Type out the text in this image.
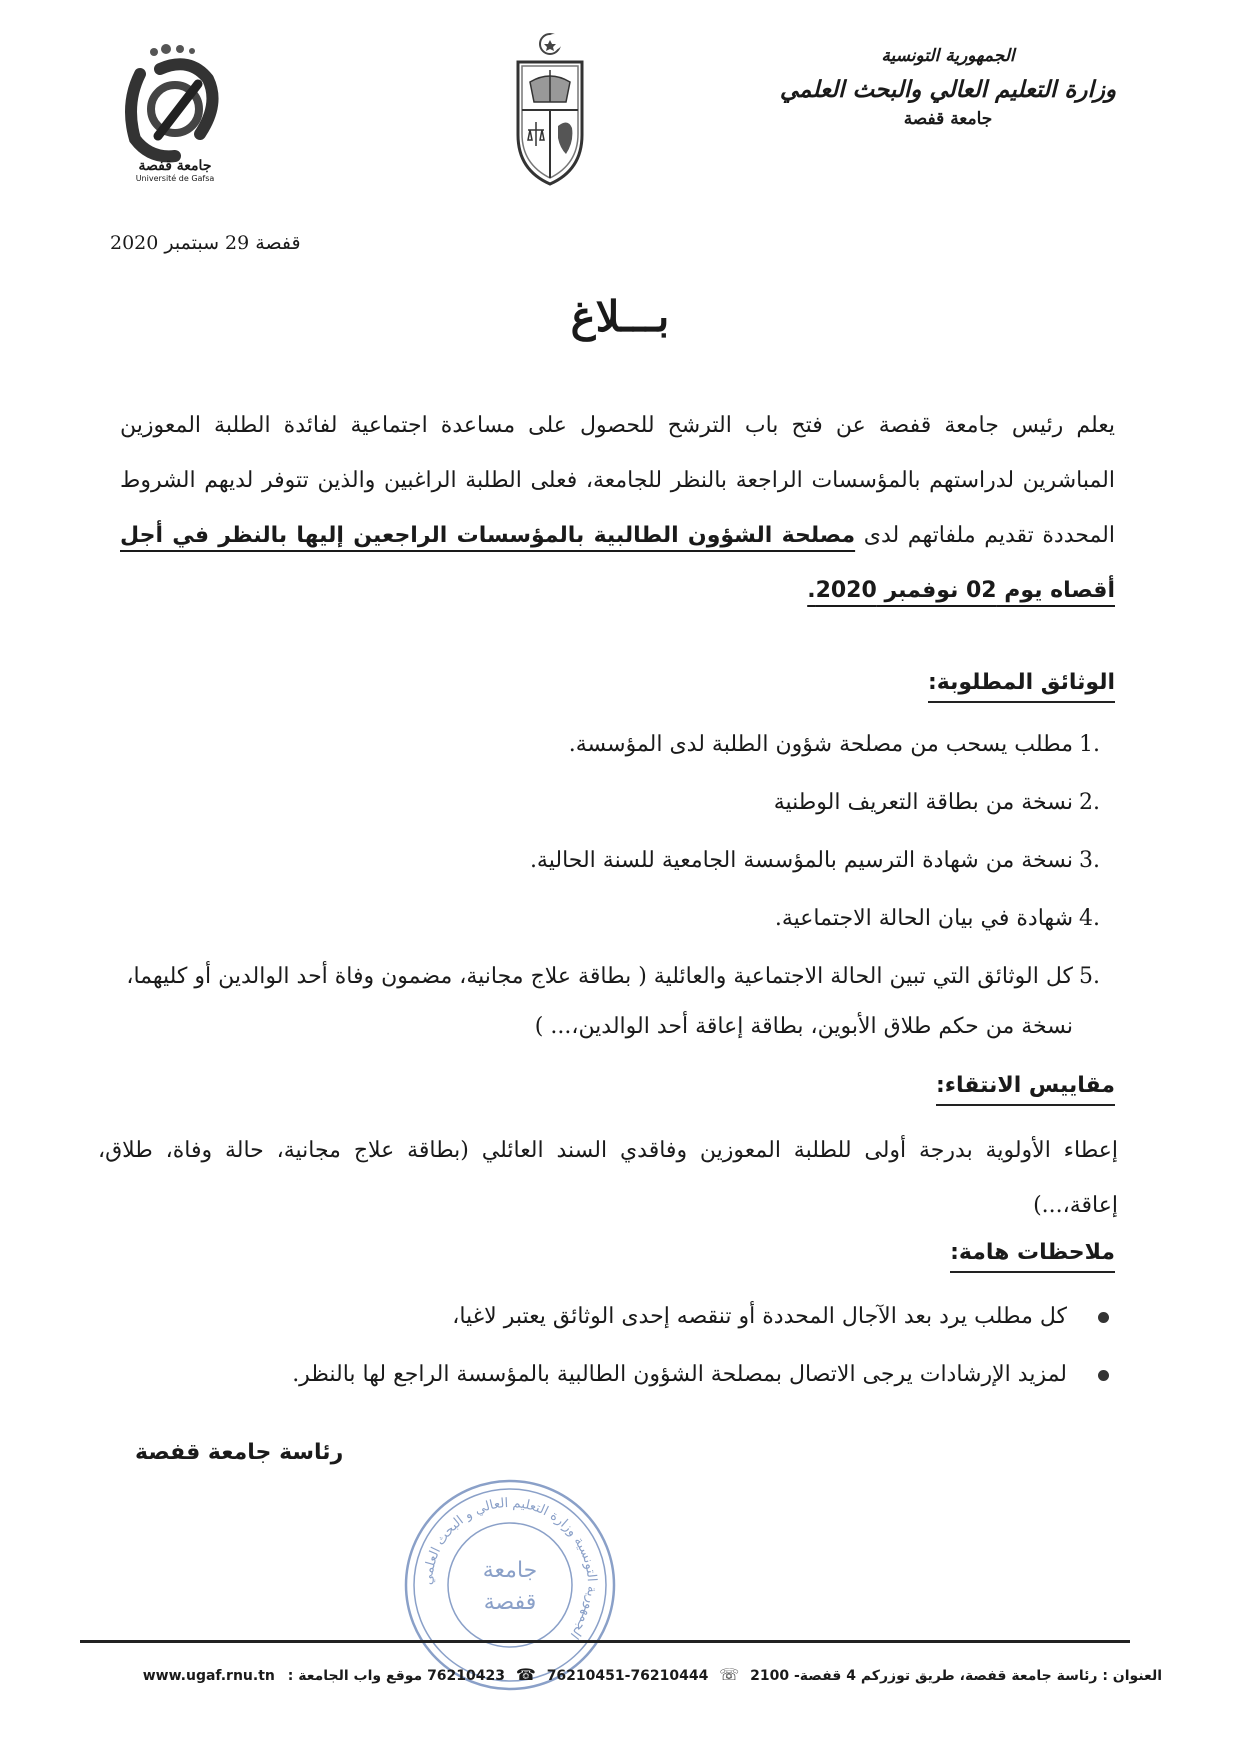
الجمهورية التونسية
وزارة التعليم العالي والبحث العلمي
جامعة قفصة
جامعة قفصة
Université de Gafsa
قفصة 29 سبتمبر 2020
بـــلاغ
يعلم رئيس جامعة قفصة عن فتح باب الترشح للحصول على مساعدة اجتماعية لفائدة الطلبة المعوزين المباشرين لدراستهم بالمؤسسات الراجعة بالنظر للجامعة، فعلى الطلبة الراغبين والذين تتوفر لديهم الشروط المحددة تقديم ملفاتهم لدى مصلحة الشؤون الطالبية بالمؤسسات الراجعين إليها بالنظر في أجل أقصاه يوم 02 نوفمبر 2020.
الوثائق المطلوبة:
1.
مطلب يسحب من مصلحة شؤون الطلبة لدى المؤسسة.
2.
نسخة من بطاقة التعريف الوطنية
3.
نسخة من شهادة الترسيم بالمؤسسة الجامعية للسنة الحالية.
4.
شهادة في بيان الحالة الاجتماعية.
5.
كل الوثائق التي تبين الحالة الاجتماعية والعائلية ( بطاقة علاج مجانية، مضمون وفاة أحد الوالدين أو كليهما، نسخة من حكم طلاق الأبوين، بطاقة إعاقة أحد الوالدين،... )
مقاييس الانتقاء:
إعطاء الأولوية بدرجة أولى للطلبة المعوزين وفاقدي السند العائلي (بطاقة علاج مجانية، حالة وفاة، طلاق، إعاقة،...)
ملاحظات هامة:
كل مطلب يرد بعد الآجال المحددة أو تنقصه إحدى الوثائق يعتبر لاغيا،
لمزيد الإرشادات يرجى الاتصال بمصلحة الشؤون الطالبية بالمؤسسة الراجع لها بالنظر.
رئاسة جامعة قفصة
الجمهورية التونسية وزارة التعليم العالي و البحث العلمي
جامعة
قفصة
العنوان : رئاسة جامعة قفصة، طريق توزركم 4 قفصة- 2100 ☏ 76210444-76210451 ☎ 76210423 موقع واب الجامعة : www.ugaf.rnu.tn
